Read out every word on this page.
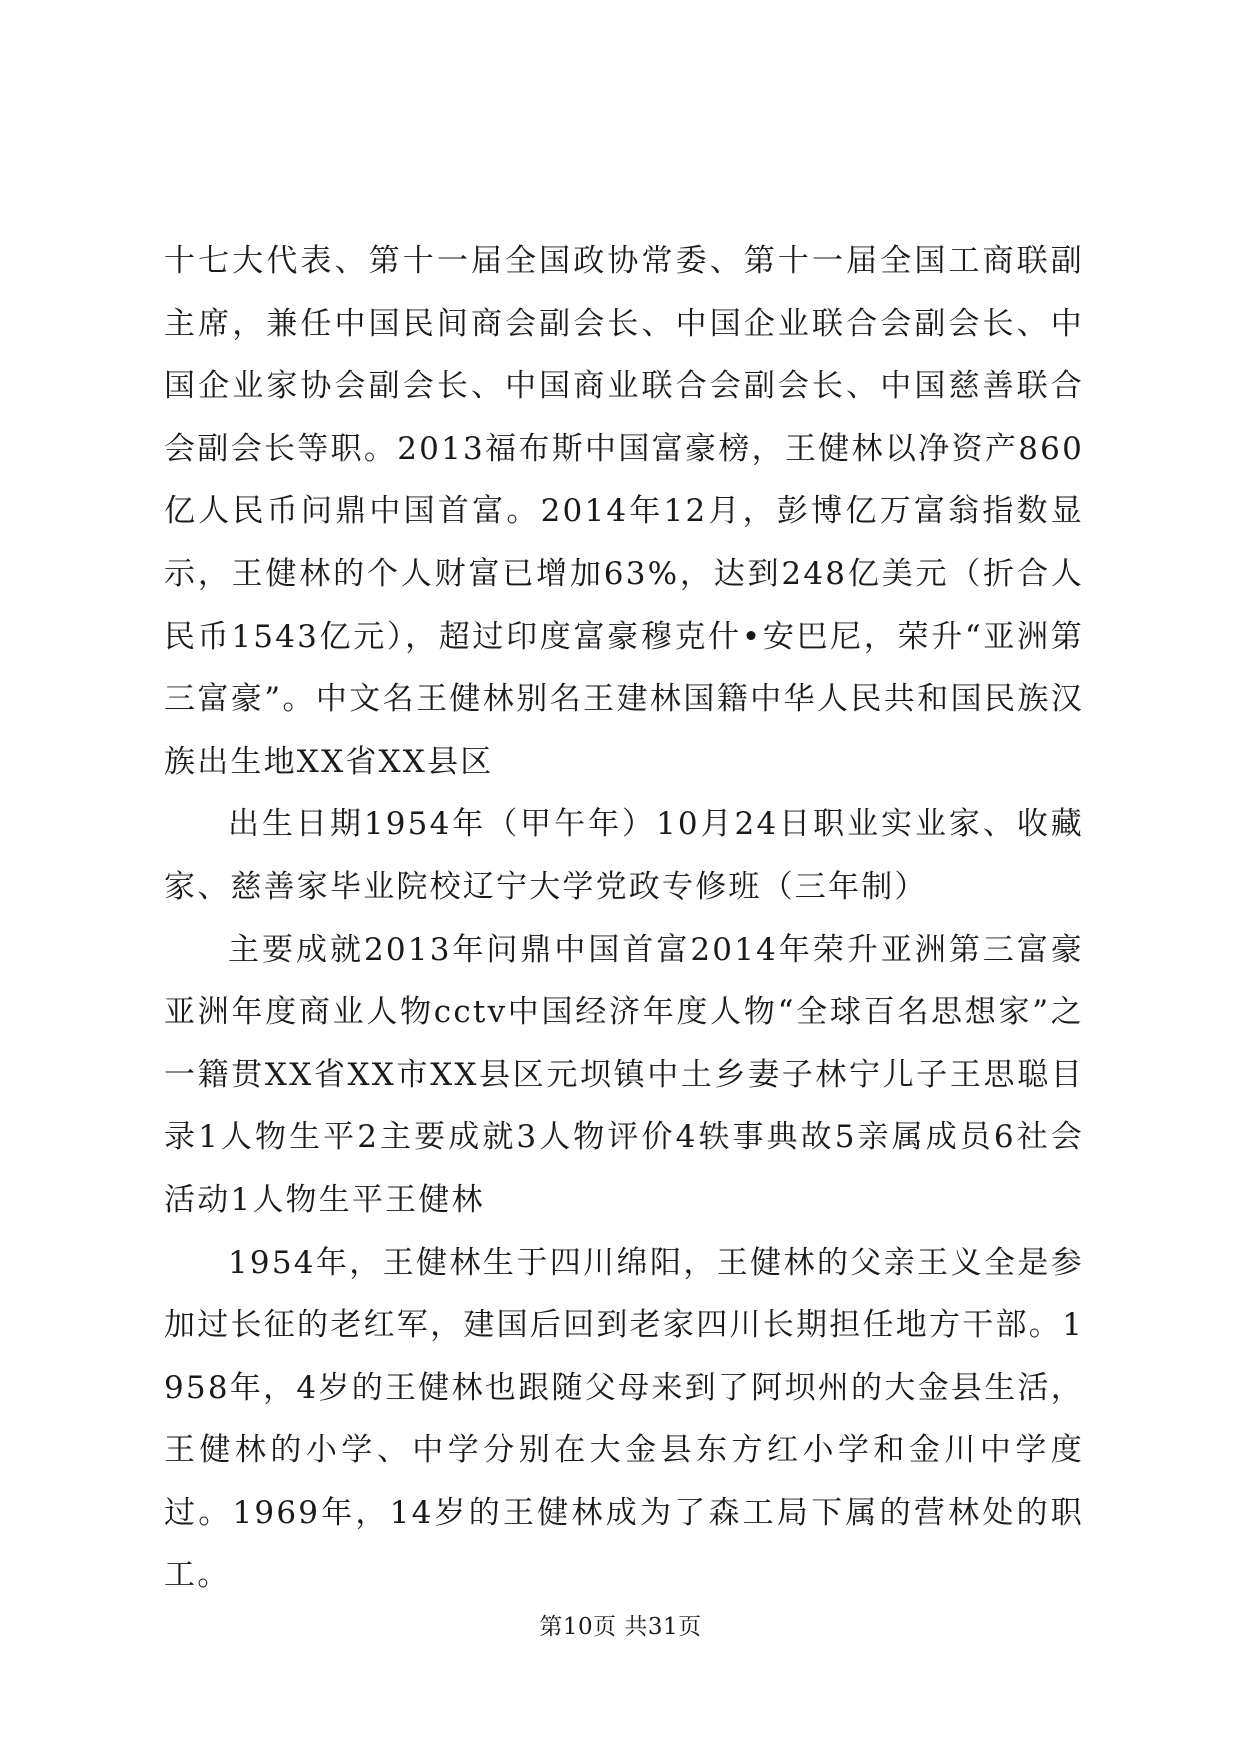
十七大代表、第十一届全国政协常委、第十一届全国工商联副主席，兼任中国民间商会副会长、中国企业联合会副会长、中国企业家协会副会长、中国商业联合会副会长、中国慈善联合会副会长等职。2013福布斯中国富豪榜，王健林以净资产860亿人民币问鼎中国首富。2014年12月，彭博亿万富翁指数显示，王健林的个人财富已增加63%，达到248亿美元（折合人民币1543亿元），超过印度富豪穆克什•安巴尼，荣升“亚洲第三富豪”。中文名王健林别名王建林国籍中华人民共和国民族汉族出生地XX省XX县区

出生日期1954年（甲午年）10月24日职业实业家、收藏家、慈善家毕业院校辽宁大学党政专修班（三年制）

主要成就2013年问鼎中国首富2014年荣升亚洲第三富豪亚洲年度商业人物cctv中国经济年度人物“全球百名思想家”之一籍贯XX省XX市XX县区元坝镇中土乡妻子林宁儿子王思聪目录1人物生平2主要成就3人物评价4轶事典故5亲属成员6社会活动1人物生平王健林

1954年，王健林生于四川绵阳，王健林的父亲王义全是参加过长征的老红军，建国后回到老家四川长期担任地方干部。1958年，4岁的王健林也跟随父母来到了阿坝州的大金县生活，王健林的小学、中学分别在大金县东方红小学和金川中学度过。1969年，14岁的王健林成为了森工局下属的营林处的职工。

第10页 共31页
